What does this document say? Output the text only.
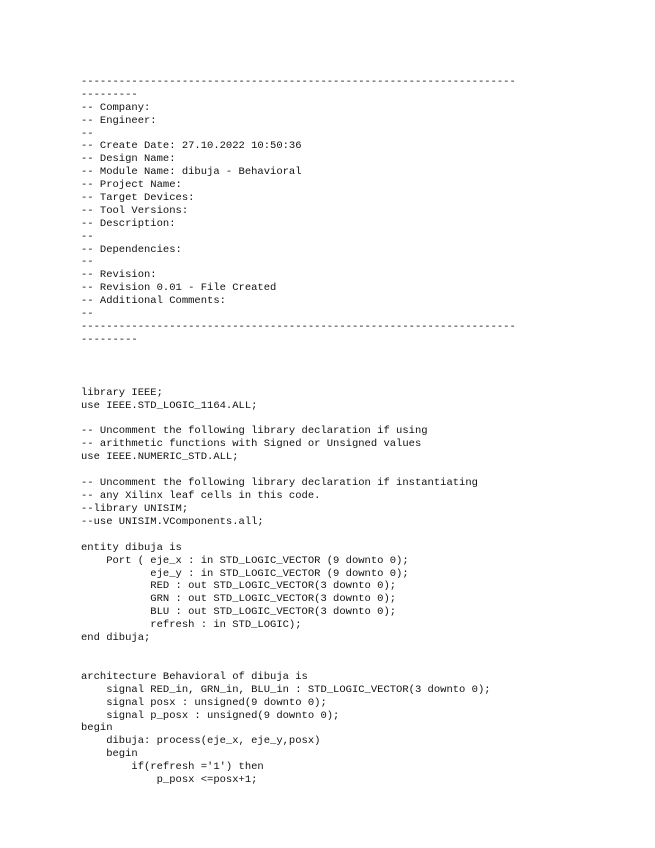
---------------------------------------------------------------------
---------
-- Company:
-- Engineer:
--
-- Create Date: 27.10.2022 10:50:36
-- Design Name:
-- Module Name: dibuja - Behavioral
-- Project Name:
-- Target Devices:
-- Tool Versions:
-- Description:
--
-- Dependencies:
--
-- Revision:
-- Revision 0.01 - File Created
-- Additional Comments:
--
---------------------------------------------------------------------
---------
library IEEE;
use IEEE.STD_LOGIC_1164.ALL;
-- Uncomment the following library declaration if using
-- arithmetic functions with Signed or Unsigned values
use IEEE.NUMERIC_STD.ALL;
-- Uncomment the following library declaration if instantiating
-- any Xilinx leaf cells in this code.
--library UNISIM;
--use UNISIM.VComponents.all;
entity dibuja is
Port ( eje_x : in STD_LOGIC_VECTOR (9 downto 0);
eje_y : in STD_LOGIC_VECTOR (9 downto 0);
RED : out STD_LOGIC_VECTOR(3 downto 0);
GRN : out STD_LOGIC_VECTOR(3 downto 0);
BLU : out STD_LOGIC_VECTOR(3 downto 0);
refresh : in STD_LOGIC);
end dibuja;
architecture Behavioral of dibuja is
signal RED_in, GRN_in, BLU_in : STD_LOGIC_VECTOR(3 downto 0);
signal posx : unsigned(9 downto 0);
signal p_posx : unsigned(9 downto 0);
begin
dibuja: process(eje_x, eje_y,posx)
begin
if(refresh ='1') then
p_posx <=posx+1;
